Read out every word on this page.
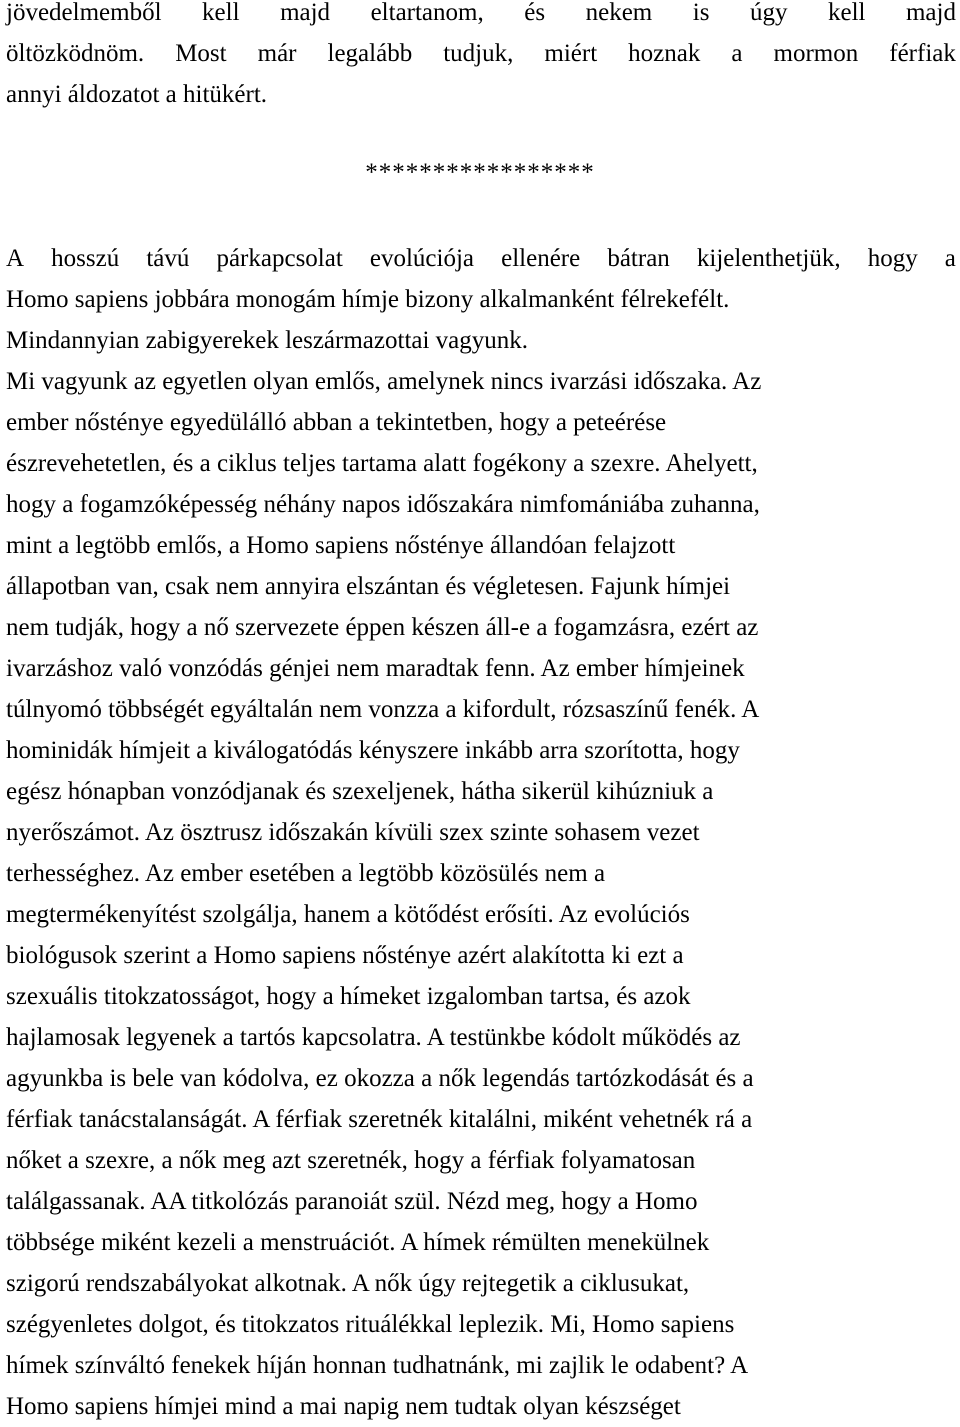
jövedelmemből kell majd eltartanom, és nekem is úgy kell majd
öltözködnöm. Most már legalább tudjuk, miért hoznak a mormon férfiak
annyi áldozatot a hitükért.
*****************
A hosszú távú párkapcsolat evolúciója ellenére bátran kijelenthetjük, hogy a
Homo sapiens jobbára monogám hímje bizony alkalmanként félrekefélt.
Mindannyian zabigyerekek leszármazottai vagyunk.
Mi vagyunk az egyetlen olyan emlős, amelynek nincs ivarzási időszaka. Az
ember nősténye egyedülálló abban a tekintetben, hogy a peteérése
észrevehetetlen, és a ciklus teljes tartama alatt fogékony a szexre. Ahelyett,
hogy a fogamzóképesség néhány napos időszakára nimfomániába zuhanna,
mint a legtöbb emlős, a Homo sapiens nősténye állandóan felajzott
állapotban van, csak nem annyira elszántan és végletesen. Fajunk hímjei
nem tudják, hogy a nő szervezete éppen készen áll-e a fogamzásra, ezért az
ivarzáshoz való vonzódás génjei nem maradtak fenn. Az ember hímjeinek
túlnyomó többségét egyáltalán nem vonzza a kifordult, rózsaszínű fenék. A
hominidák hímjeit a kiválogatódás kényszere inkább arra szorította, hogy
egész hónapban vonzódjanak és szexeljenek, hátha sikerül kihúzniuk a
nyerőszámot. Az ösztrusz időszakán kívüli szex szinte sohasem vezet
terhességhez. Az ember esetében a legtöbb közösülés nem a
megtermékenyítést szolgálja, hanem a kötődést erősíti. Az evolúciós
biológusok szerint a Homo sapiens nősténye azért alakította ki ezt a
szexuális titokzatosságot, hogy a hímeket izgalomban tartsa, és azok
hajlamosak legyenek a tartós kapcsolatra. A testünkbe kódolt működés az
agyunkba is bele van kódolva, ez okozza a nők legendás tartózkodását és a
férfiak tanácstalanságát. A férfiak szeretnék kitalálni, miként vehetnék rá a
nőket a szexre, a nők meg azt szeretnék, hogy a férfiak folyamatosan
találgassanak. AA titkolózás paranoiát szül. Nézd meg, hogy a Homo
többsége miként kezeli a menstruációt. A hímek rémülten menekülnek
szigorú rendszabályokat alkotnak. A nők úgy rejtegetik a ciklusukat,
szégyenletes dolgot, és titokzatos rituálékkal leplezik. Mi, Homo sapiens
hímek színváltó fenekek híján honnan tudhatnánk, mi zajlik le odabent? A
Homo sapiens hímjei mind a mai napig nem tudtak olyan készséget
